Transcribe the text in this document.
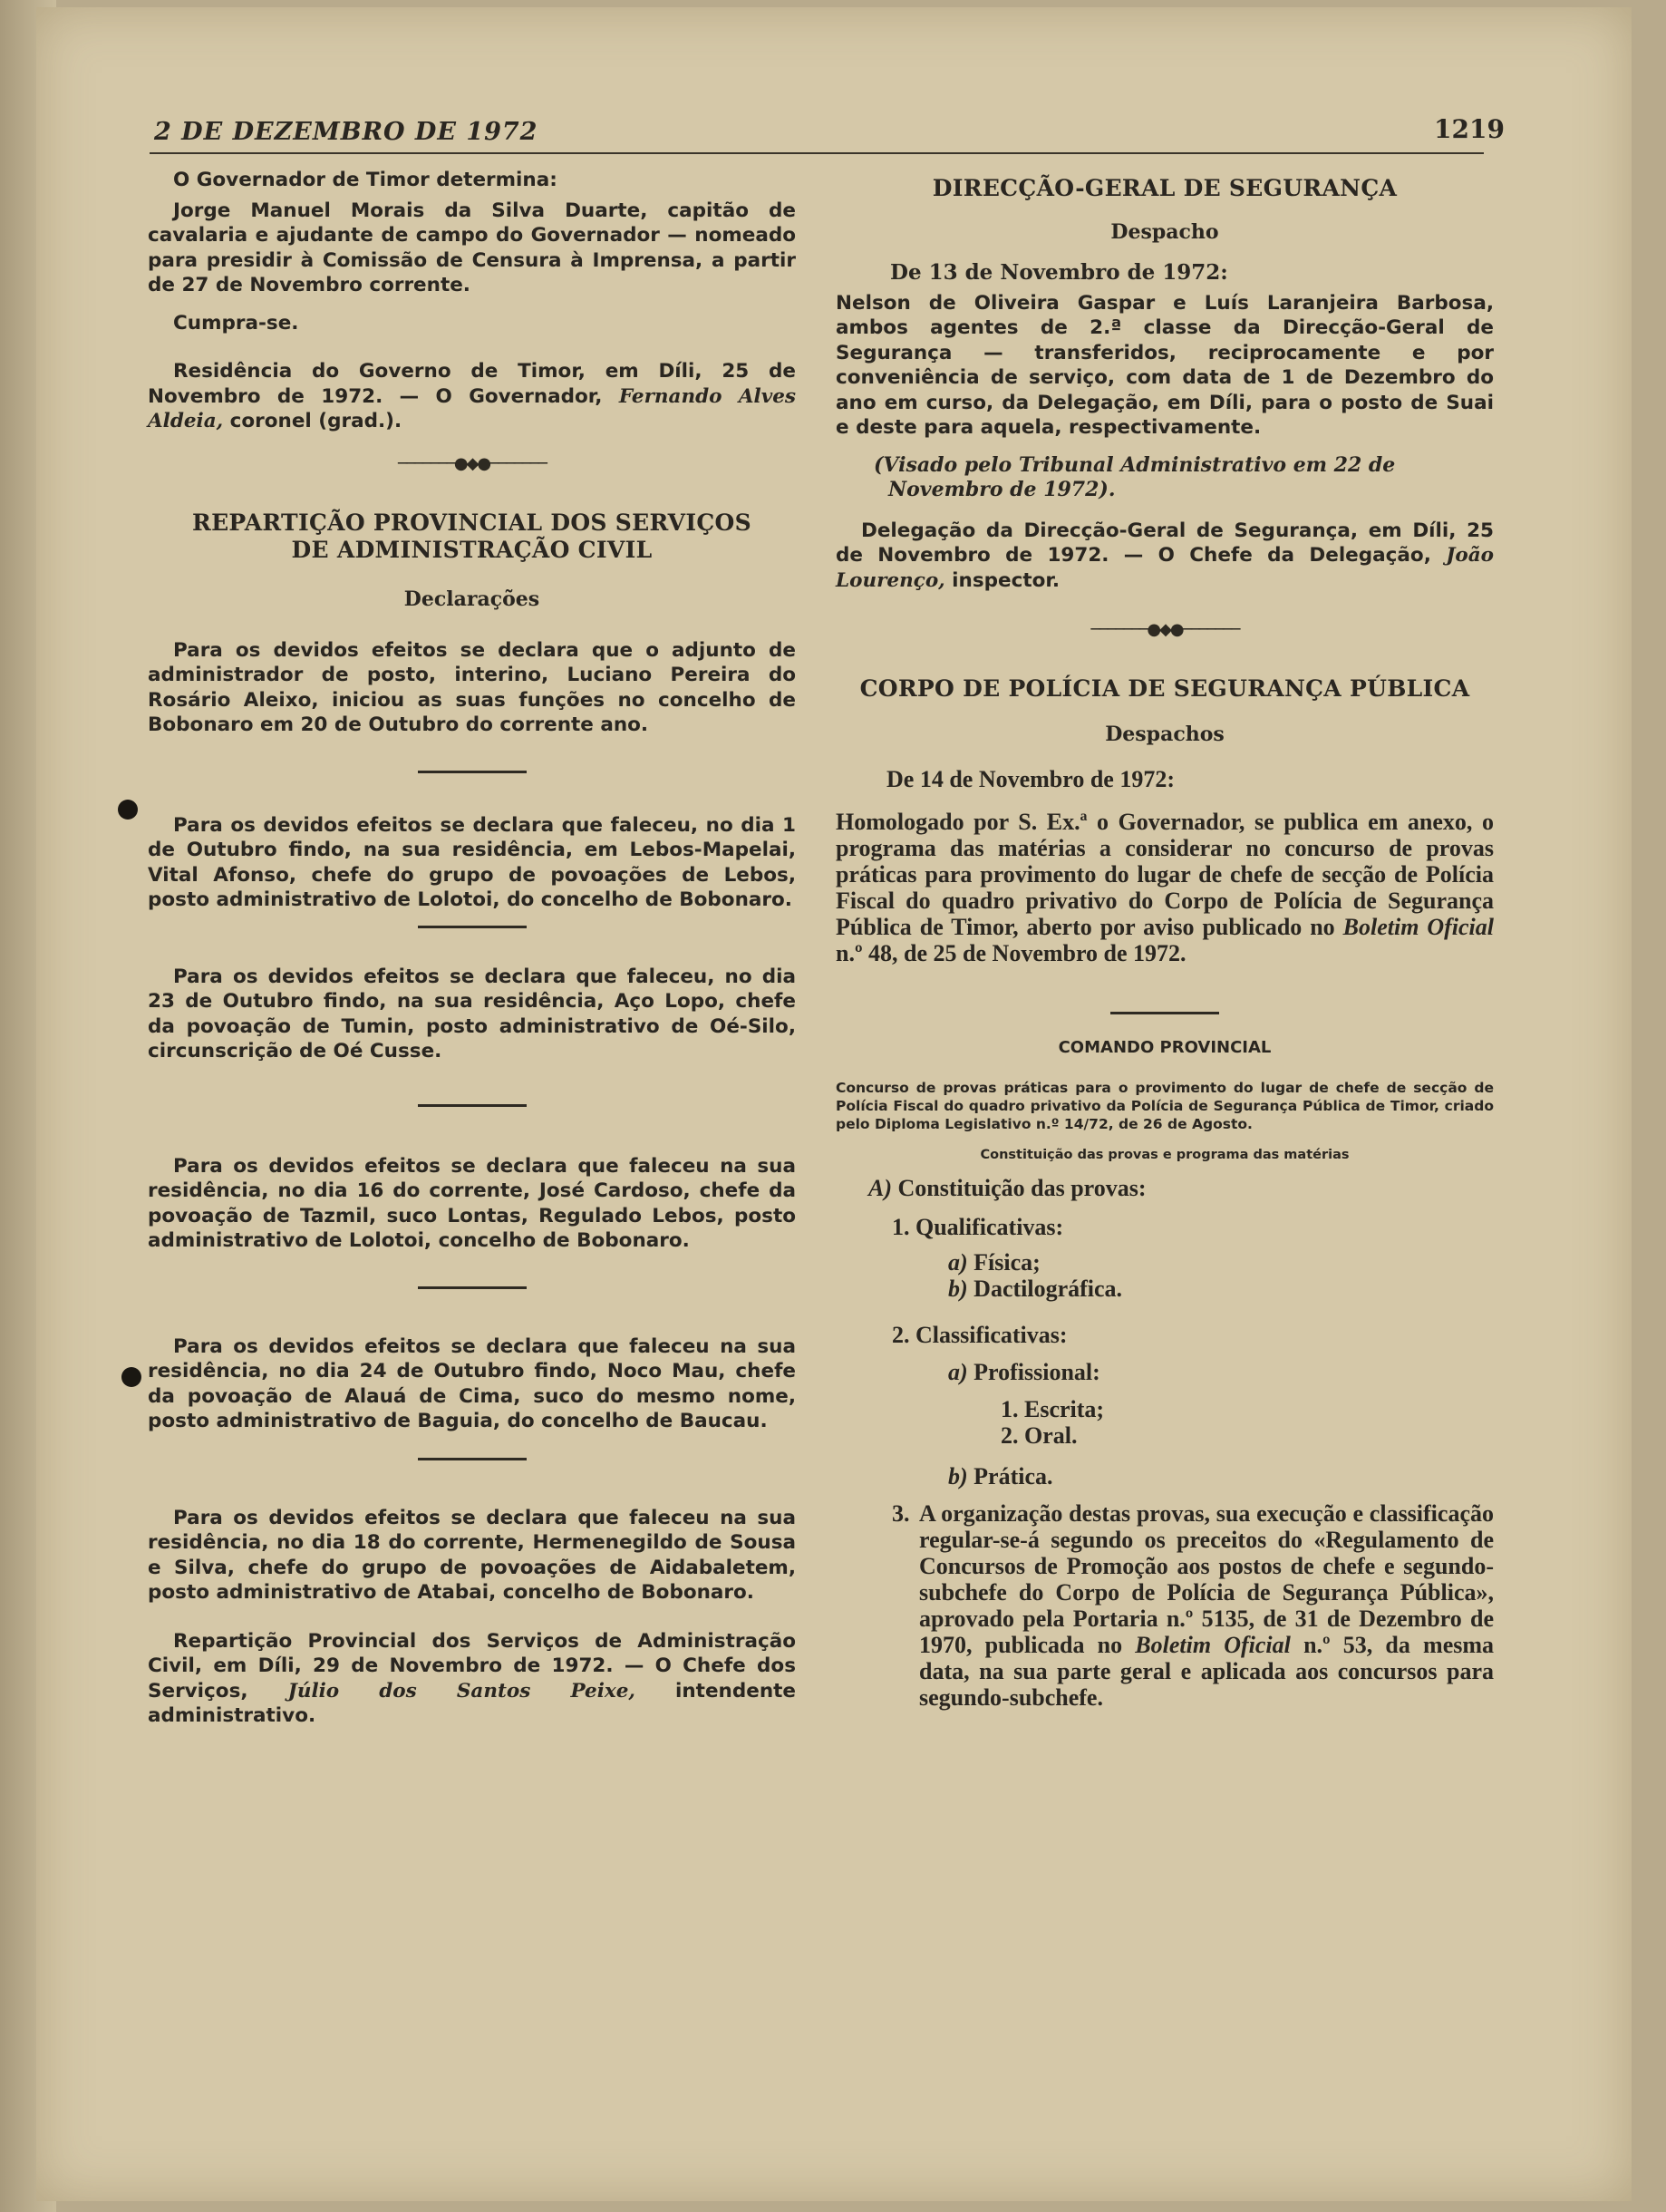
2 DE DEZEMBRO DE 1972	1219

O Governador de Timor determina:

Jorge Manuel Morais da Silva Duarte, capitão de cavalaria e ajudante de campo do Governador — nomeado para presidir à Comissão de Censura à Imprensa, a partir de 27 de Novembro corrente.

Cumpra-se.

Residência do Governo de Timor, em Díli, 25 de Novembro de 1972. — O Governador, Fernando Alves Aldeia, coronel (grad.).

───────●◆●───────

REPARTIÇÃO PROVINCIAL DOS SERVIÇOS

DE ADMINISTRAÇÃO CIVIL

Declarações

Para os devidos efeitos se declara que o adjunto de administrador de posto, interino, Luciano Pereira do Rosário Aleixo, iniciou as suas funções no concelho de Bobonaro em 20 de Outubro do corrente ano.

Para os devidos efeitos se declara que faleceu, no dia 1 de Outubro findo, na sua residência, em Lebos-Mapelai, Vital Afonso, chefe do grupo de povoações de Lebos, posto administrativo de Lolotoi, do concelho de Bobonaro.

Para os devidos efeitos se declara que faleceu, no dia 23 de Outubro findo, na sua residência, Aço Lopo, chefe da povoação de Tumin, posto administrativo de Oé-Silo, circunscrição de Oé Cusse.

Para os devidos efeitos se declara que faleceu na sua residência, no dia 16 do corrente, José Cardoso, chefe da povoação de Tazmil, suco Lontas, Regulado Lebos, posto administrativo de Lolotoi, concelho de Bobonaro.

Para os devidos efeitos se declara que faleceu na sua residência, no dia 24 de Outubro findo, Noco Mau, chefe da povoação de Alauá de Cima, suco do mesmo nome, posto administrativo de Baguia, do concelho de Baucau.

Para os devidos efeitos se declara que faleceu na sua residência, no dia 18 do corrente, Hermenegildo de Sousa e Silva, chefe do grupo de povoações de Aidabaletem, posto administrativo de Atabai, concelho de Bobonaro.

Repartição Provincial dos Serviços de Administração Civil, em Díli, 29 de Novembro de 1972. — O Chefe dos Serviços, Júlio dos Santos Peixe, intendente administrativo.

DIRECÇÃO-GERAL DE SEGURANÇA

Despacho

De 13 de Novembro de 1972:

Nelson de Oliveira Gaspar e Luís Laranjeira Barbosa, ambos agentes de 2.ª classe da Direcção-Geral de Segurança — transferidos, reciprocamente e por conveniência de serviço, com data de 1 de Dezembro do ano em curso, da Delegação, em Díli, para o posto de Suai e deste para aquela, respectivamente.

(Visado pelo Tribunal Administrativo em 22 de Novembro de 1972).

Delegação da Direcção-Geral de Segurança, em Díli, 25 de Novembro de 1972. — O Chefe da Delegação, João Lourenço, inspector.

───────●◆●───────

CORPO DE POLÍCIA DE SEGURANÇA PÚBLICA

Despachos

De 14 de Novembro de 1972:

Homologado por S. Ex.ª o Governador, se publica em anexo, o programa das matérias a considerar no concurso de provas práticas para provimento do lugar de chefe de secção de Polícia Fiscal do quadro privativo do Corpo de Polícia de Segurança Pública de Timor, aberto por aviso publicado no Boletim Oficial n.º 48, de 25 de Novembro de 1972.

COMANDO PROVINCIAL

Concurso de provas práticas para o provimento do lugar de chefe de secção de Polícia Fiscal do quadro privativo da Polícia de Segurança Pública de Timor, criado pelo Diploma Legislativo n.º 14/72, de 26 de Agosto.

Constituição das provas e programa das matérias

A) Constituição das provas:

1. Qualificativas:

a) Física;

b) Dactilográfica.

2. Classificativas:

a) Profissional:

1. Escrita;

2. Oral.

b) Prática.

3. A organização destas provas, sua execução e classificação regular-se-á segundo os preceitos do «Regulamento de Concursos de Promoção aos postos de chefe e segundo-subchefe do Corpo de Polícia de Segurança Pública», aprovado pela Portaria n.º 5135, de 31 de Dezembro de 1970, publicada no Boletim Oficial n.º 53, da mesma data, na sua parte geral e aplicada aos concursos para segundo-subchefe.
